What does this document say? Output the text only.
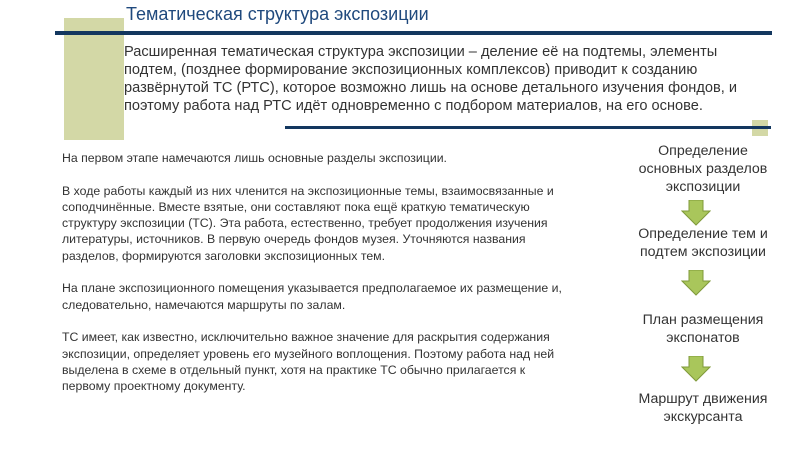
Тематическая структура экспозиции

Расширенная тематическая структура экспозиции – деление её на подтемы, элементы подтем, (позднее формирование экспозиционных комплексов) приводит к созданию развёрнутой ТС (РТС), которое возможно лишь на основе детального изучения фондов, и поэтому работа над РТС идёт одновременно с подбором материалов, на его основе.

На первом этапе намечаются лишь основные разделы экспозиции.

В ходе работы каждый из них членится на экспозиционные темы, взаимосвязанные и соподчинённые. Вместе взятые, они составляют пока ещё краткую тематическую структуру экспозиции (ТС). Эта работа, естественно, требует продолжения изучения литературы, источников. В первую очередь фондов музея. Уточняются названия разделов, формируются заголовки экспозиционных тем.

На плане экспозиционного помещения указывается предполагаемое их размещение и, следовательно, намечаются маршруты по залам.

ТС имеет, как известно, исключительно важное значение для раскрытия содержания экспозиции, определяет уровень его музейного воплощения. Поэтому работа над ней выделена в схеме в отдельный пункт, хотя на практике ТС обычно прилагается к первому проектному документу.

Определение
основных разделов
экспозиции
Определение тем и
подтем экспозиции
План размещения
экспонатов
Маршрут движения
экскурсанта
